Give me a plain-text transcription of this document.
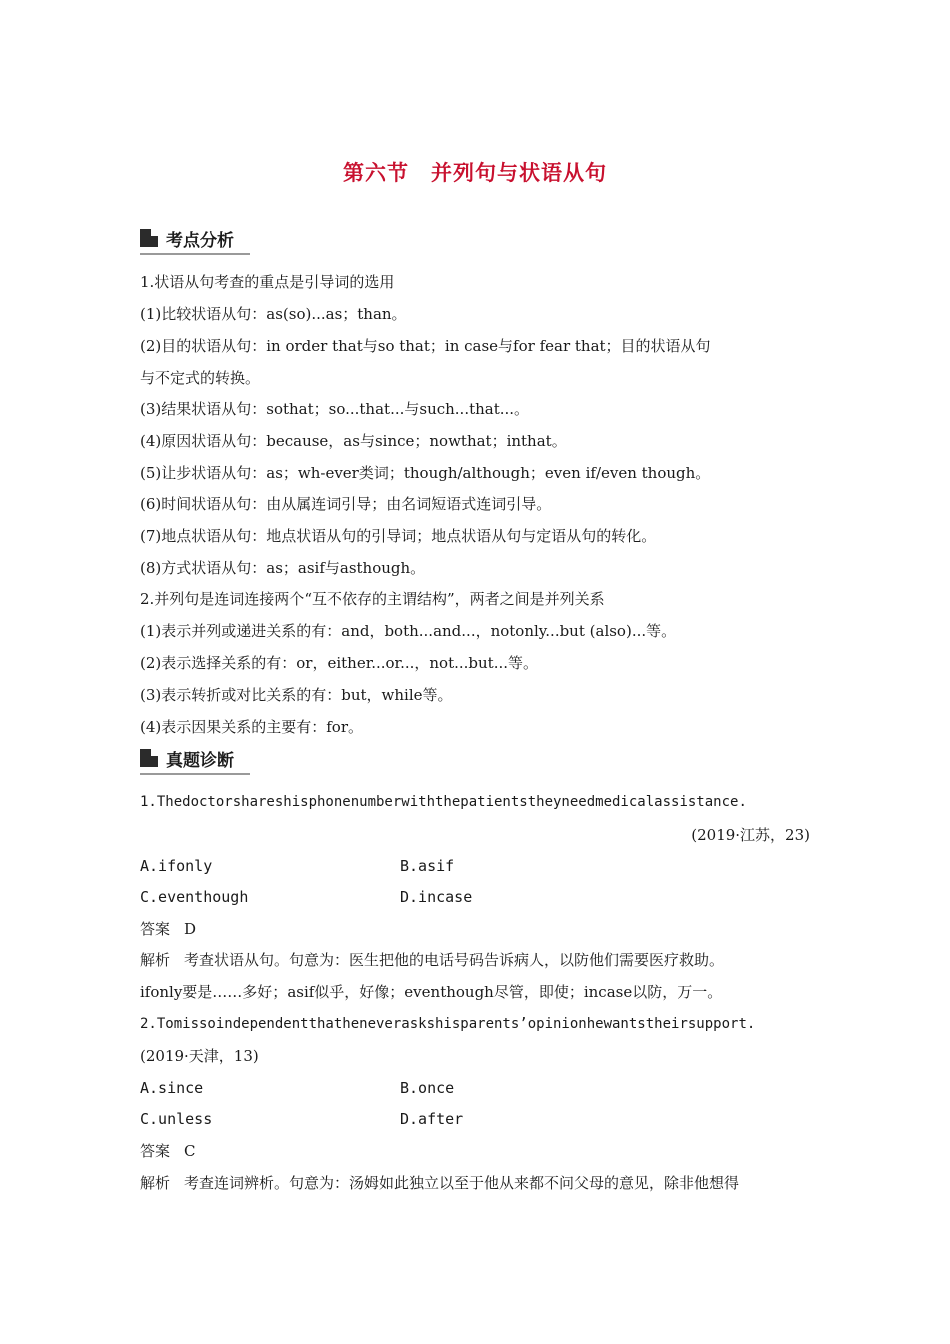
第六节 并列句与状语从句
考点分析
1.状语从句考查的重点是引导词的选用
(1)比较状语从句：as(so)...as；than。
(2)目的状语从句：in order that与so that；in case与for fear that；目的状语从句
与不定式的转换。
(3)结果状语从句：sothat；so...that...与such...that...。
(4)原因状语从句：because，as与since；nowthat；inthat。
(5)让步状语从句：as；wh-ever类词；though/although；even if/even though。
(6)时间状语从句：由从属连词引导；由名词短语式连词引导。
(7)地点状语从句：地点状语从句的引导词；地点状语从句与定语从句的转化。
(8)方式状语从句：as；asif与asthough。
2.并列句是连词连接两个“互不依存的主谓结构”，两者之间是并列关系
(1)表示并列或递进关系的有：and，both...and...，notonly...but (also)...等。
(2)表示选择关系的有：or，either...or...，not...but...等。
(3)表示转折或对比关系的有：but，while等。
(4)表示因果关系的主要有：for。
真题诊断
1.Thedoctorshareshisphonenumberwiththepatientstheyneedmedicalassistance.
(2019·江苏，23)
A.ifonly	B.asif
C.eventhough	D.incase
答案 D
解析 考查状语从句。句意为：医生把他的电话号码告诉病人，以防他们需要医疗救助。
ifonly要是……多好；asif似乎，好像；eventhough尽管，即使；incase以防，万一。
2.Tomissoindependentthatheneveraskshisparents’opinionhewantstheirsupport.
(2019·天津，13)
A.since	B.once
C.unless	D.after
答案 C
解析 考查连词辨析。句意为：汤姆如此独立以至于他从来都不问父母的意见，除非他想得
